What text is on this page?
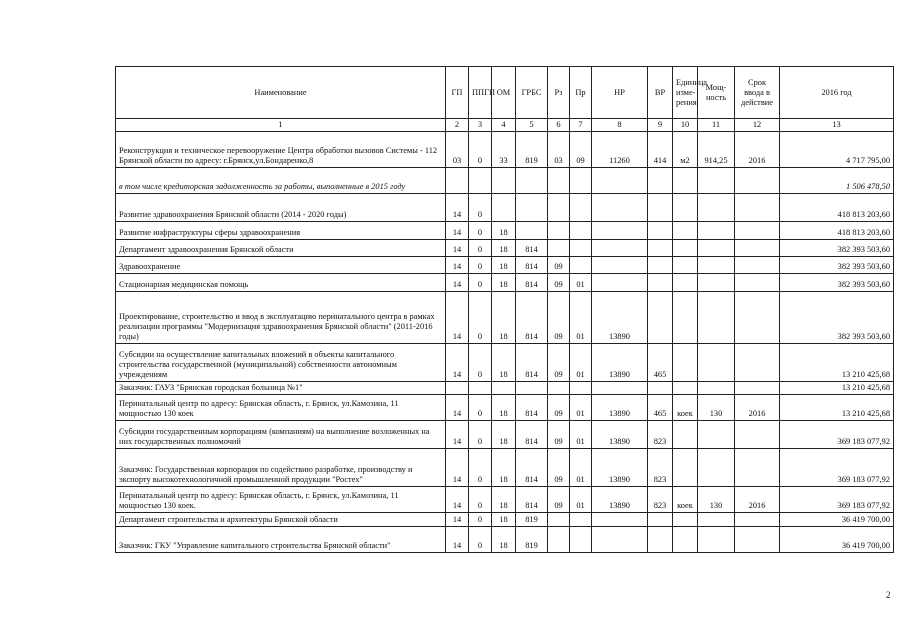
Наименование	ГП	ППГП	ОМ	ГРБС	Рз	Пр	НР	ВР	Единица изме-рения	Мощ-ность	Срок ввода в действие	2016 год
1	2	3	4	5	6	7	8	9	10	11	12	13
Реконструкция и техническое перевооружение Центра обработки вызовов Системы - 112 Брянской области по адресу: г.Брянск,ул.Бондаренко,8	03	0	33	819	03	09	11260	414	м2	914,25	2016	4 717 795,00
в том числе кредиторская задолженность за работы, выполненные в 2015 году												1 506 478,50
Развитие здравоохранения Брянской области (2014 - 2020 годы)	14	0										418 813 203,60
Развитие инфраструктуры сферы здравоохранения	14	0	18									418 813 203,60
Департамент здравоохранения Брянской области	14	0	18	814								382 393 503,60
Здравоохранение	14	0	18	814	09							382 393 503,60
Стационарная медицинская помощь	14	0	18	814	09	01						382 393 503,60
Проектирование, строительство и ввод в эксплуатацию перинатального центра в рамках реализации программы "Модернизация здравоохранения Брянской области" (2011-2016 годы)	14	0	18	814	09	01	13890					382 393 503,60
Субсидии на осуществление капитальных вложений в объекты капитального строительства государственной (муниципальной) собственности автономным учреждениям	14	0	18	814	09	01	13890	465				13 210 425,68
Заказчик: ГАУЗ "Брянская городская больница №1"												13 210 425,68
Перинатальный центр по адресу: Брянская область, г. Брянск, ул.Камозина, 11 мощностью 130 коек	14	0	18	814	09	01	13890	465	коек	130	2016	13 210 425,68
Субсидии государственным корпорациям (компаниям) на выполнение возложенных на них государственных полномочий	14	0	18	814	09	01	13890	823				369 183 077,92
Заказчик: Государственная корпорация по содействию разработке, производству и экспорту высокотехнологичной промышленной продукции "Ростех"	14	0	18	814	09	01	13890	823				369 183 077,92
Перинатальный центр по адресу: Брянская область, г. Брянск, ул.Камозина, 11 мощностью 130 коек.	14	0	18	814	09	01	13890	823	коек	130	2016	369 183 077,92
Департамент строительства и архитектуры Брянской области	14	0	18	819								36 419 700,00
Заказчик: ГКУ "Управление капитального строительства Брянской области"	14	0	18	819								36 419 700,00
2
